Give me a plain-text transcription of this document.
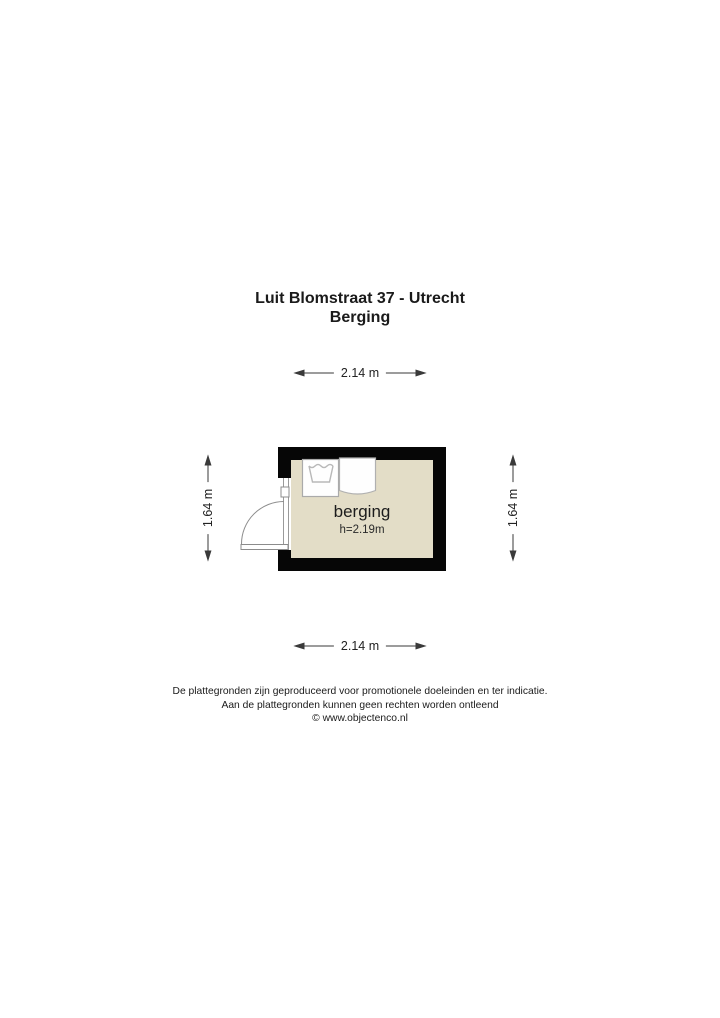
Luit Blomstraat 37 - Utrecht
Berging
2.14 m
2.14 m
1.64 m	1.64 m
berging
h=2.19m
De plattegronden zijn geproduceerd voor promotionele doeleinden en ter indicatie.
Aan de plattegronden kunnen geen rechten worden ontleend
© www.objectenco.nl
